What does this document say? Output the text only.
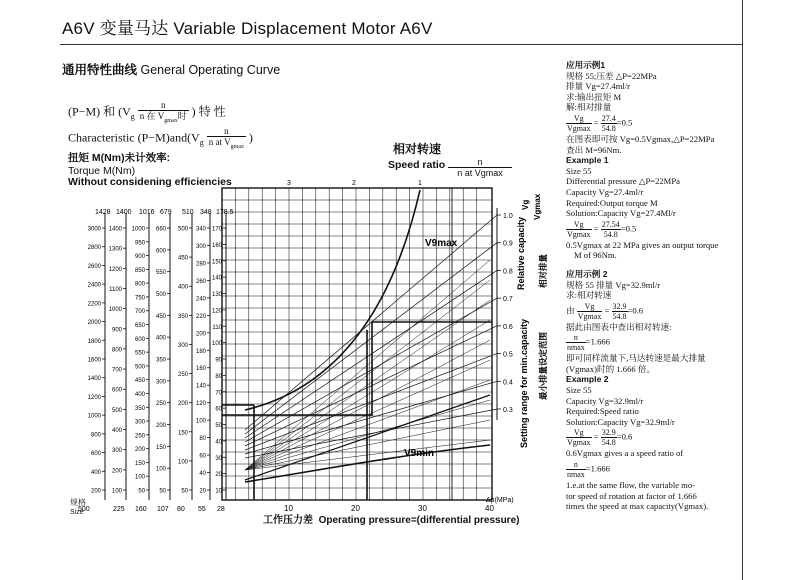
A6V 变量马达 Variable Displacement Motor A6V
通用特性曲线 General Operating Curve
(P−M) 和 ($V_g \frac{n}{n 在 V_{gmax}时}$ ) 特 性
Characteristic $(P-M)and(V_g \frac{n}{n at V_{gmax}}$ )
扭矩 M(Nm)未计效率:
Torque M(Nm)
Without considening efficiencies
相对转速
Speed ratio $\frac{n}{\text{n at Vgmax}}$
1428
3000
2800
2600
2400
2200
2000
1800
1600
1400
1200
1000
800
600
400
200
1400
1400
1300
1200
1100
1000
900
800
700
600
500
400
300
200
100
1016
1000
950
900
850
800
750
700
650
600
550
500
450
400
350
300
250
200
150
100
50
679
660
600
550
500
450
400
350
300
250
200
150
100
50
510
500
450
400
350
300
250
200
150
100
50
348
340
300
280
260
240
220
200
180
160
140
120
100
80
60
40
20
178.5
170
160
150
140
130
120
110
100
90
80
70
60
50
40
30
20
10
10	20	30	40
Δp(MPa)
3	2	1
500	225 160 107 80 55 28
1.0
0.9
0.8
0.7
0.6
0.5
0.4
0.3
V9max
V9min
Setting range for min.capacity 最小排量设定范围
Relative capacity
Vg Vgmax
相对排量
规格
Size
工作压力差 Operating pressure=(differential pressure)
应用示例1
规格 55;压差 △P=22MPa
排量 Vg=27.4ml/r
求:输出扭矩 M
解:相对排量
$\frac{Vg}{Vgmax} = \frac{27.4}{54.8} =0.5$
在图表即可按 Vg=0.5Vgmax,△P=22MPa
查出 M=96Nm.
Example 1
Size 55
Differential pressure △P=22MPa
Capacity Vg=27.4ml/r
Required:Output torque M
Solution:Capacity Vg=27.4Ml/r
$\frac{Vg}{Vgmax} = \frac{27.54}{54.8} =0.5$
0.5Vgmax at 22 MPa gives an output torque
M of 96Nm.
应用示例 2
规格 55 排量 Vg=32.9ml/r
求:相对转速
由 $\frac{Vg}{Vgmax} = \frac{32.9}{54.8} =0.6$
据此由图表中查出相对转速:
$\frac{n}{nmax} =1.666$
即可同样流量下,马达转速是最大排量
(Vgmax)时的 1.666 倍。
Example 2
Size 55
Capacity Vg=32.9ml/r
Required:Speed ratio
Solution:Capacity Vg=32.9ml/r
$\frac{Vg}{Vgmax} = \frac{32.9}{54.8} =0.6$
0.6Vgmax gives a a speed ratio of
$\frac{n}{nmax} =1.666$
1.e.at the same flow, the variable mo-
tor speed of rotation at factor of 1.666
times the speed at max capacity(Vgmax).
